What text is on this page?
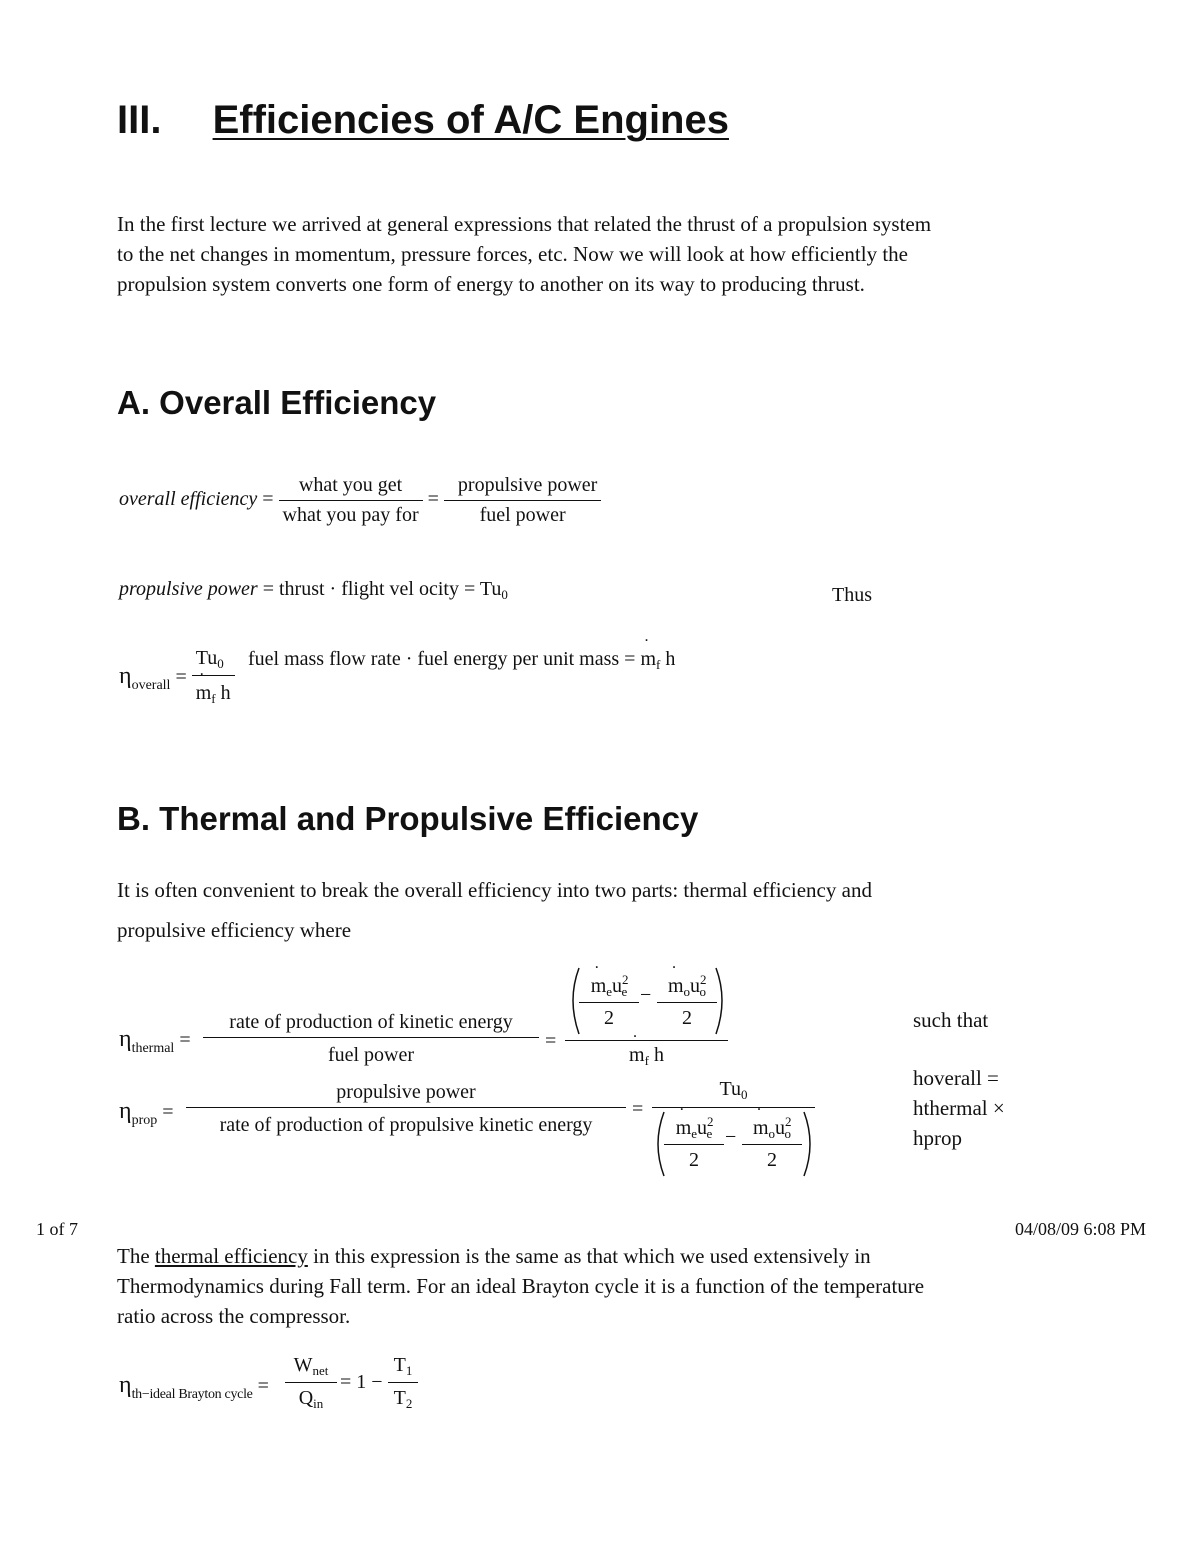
III. Efficiencies of A/C Engines
In the first lecture we arrived at general expressions that related the thrust of a propulsion system
to the net changes in momentum, pressure forces, etc. Now we will look at how efficiently the
propulsion system converts one form of energy to another on its way to producing thrust.
A. Overall Efficiency
overall efficiency = $\frac{\text{what you get}}{\text{what you pay for}} = \frac{\text{propulsive power}}{\text{fuel power}}$
propulsive power = thrust · flight vel ocity = $Tu_0$	Thus
$\eta_{overall} = \frac{Tu_0}{m ˙_f h}$ fuel mass flow rate · fuel energy per unit mass = m $˙_f$ h
B. Thermal and Propulsive Efficiency
It is often convenient to break the overall efficiency into two parts: thermal efficiency and
propulsive efficiency where
$\eta_{thermal}$ =
rate of production of kinetic energy
fuel power
=
m $˙_eu^2_e$
2
− m $˙_ou^2_o$
2
m $˙_f$ h
$\eta_{prop}$ =
propulsive power
rate of production of propulsive kinetic energy
=
$Tu_0$
m $˙_eu^2_e$
2
− m $˙_ou^2_o$
2
such that
hoverall =
hthermal ×
hprop
1 of 7	04/08/09 6:08 PM
The thermal efficiency in this expression is the same as that which we used extensively in
Thermodynamics during Fall term. For an ideal Brayton cycle it is a function of the temperature
ratio across the compressor.
$\eta_{th-ideal Brayton cycle}$ =
$W_{net}$
$Q_{in}$
= 1 −
$T_1$
$T_2$
